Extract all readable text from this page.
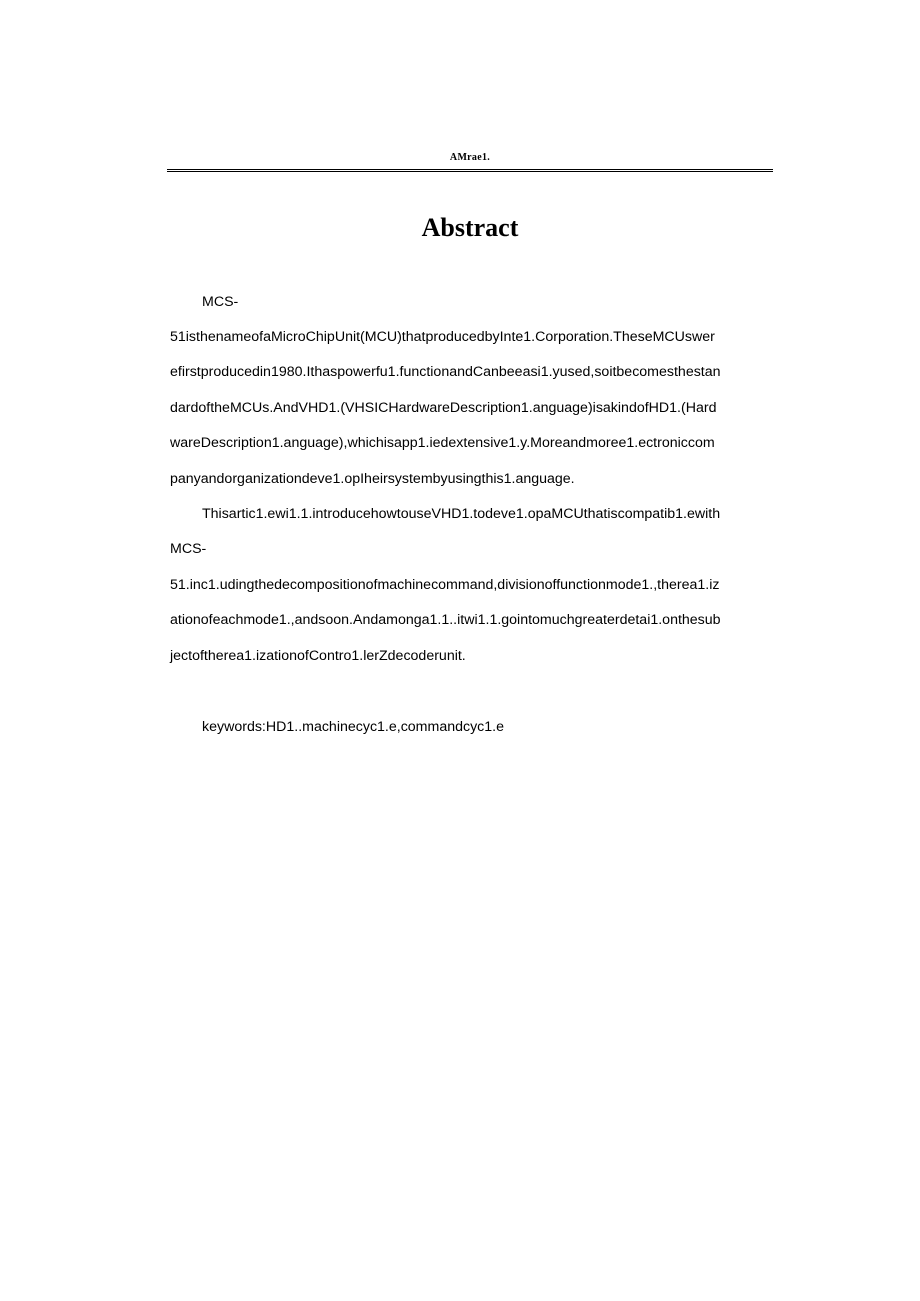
AMrae1.
Abstract

MCS-

51isthenameofaMicroChipUnit(MCU)thatproducedbyInte1.Corporation.TheseMCUswer

efirstproducedin1980.Ithaspowerfu1.functionandCanbeeasi1.yused,soitbecomesthestan

dardoftheMCUs.AndVHD1.(VHSICHardwareDescription1.anguage)isakindofHD1.(Hard

wareDescription1.anguage),whichisapp1.iedextensive1.y.Moreandmoree1.ectroniccom

panyandorganizationdeve1.opIheirsystembyusingthis1.anguage.

Thisartic1.ewi1.1.introducehowtouseVHD1.todeve1.opaMCUthatiscompatib1.ewith

MCS-

51.inc1.udingthedecompositionofmachinecommand,divisionoffunctionmode1.,therea1.iz

ationofeachmode1.,andsoon.Andamonga1.1..itwi1.1.gointomuchgreaterdetai1.onthesub

jectoftherea1.izationofContro1.lerZdecoderunit.

keywords:HD1..machinecyc1.e,commandcyc1.e
